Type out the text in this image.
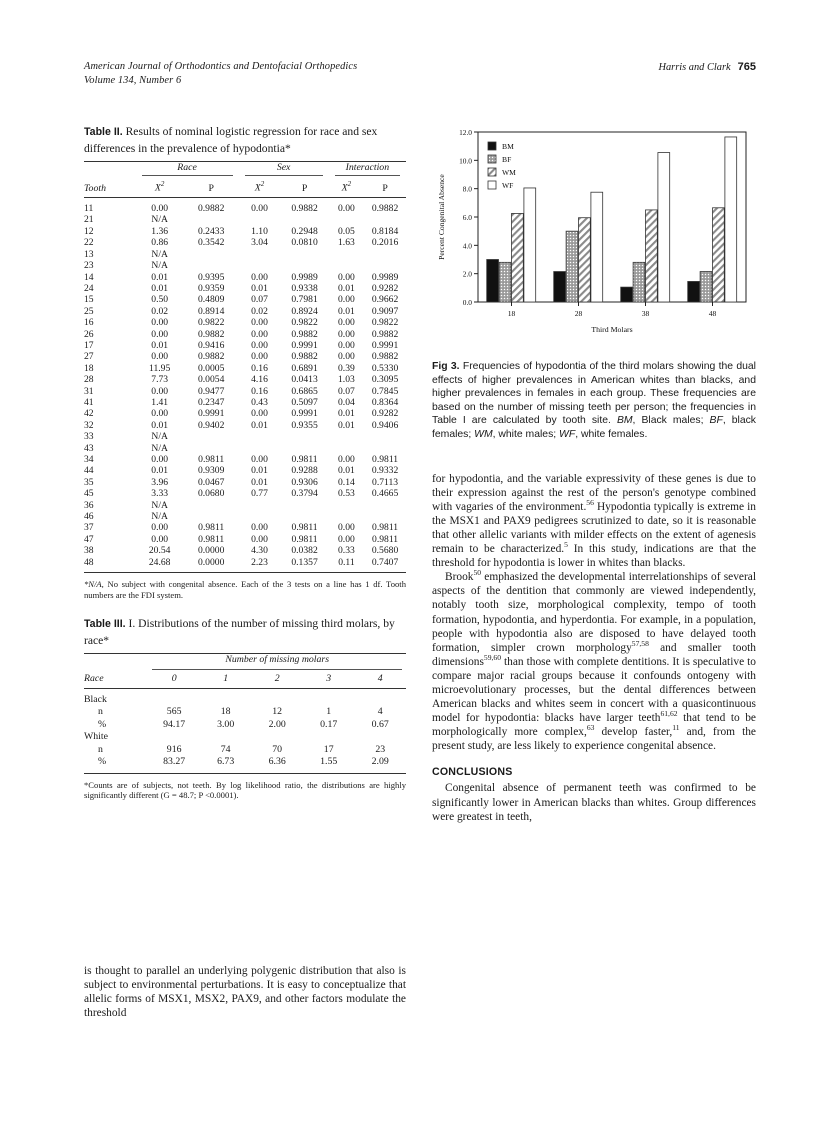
American Journal of Orthodontics and Dentofacial Orthopedics
Volume 134, Number 6
Harris and Clark 765
Table II. Results of nominal logistic regression for race and sex differences in the prevalence of hypodontia*
	Race		Sex		Interaction	

Tooth	$X^2$	P	$X^2$	P	$X^2$	P
11	0.00	0.9882	0.00	0.9882	0.00	0.9882
21	N/A					
12	1.36	0.2433	1.10	0.2948	0.05	0.8184
22	0.86	0.3542	3.04	0.0810	1.63	0.2016
13	N/A					
23	N/A					
14	0.01	0.9395	0.00	0.9989	0.00	0.9989
24	0.01	0.9359	0.01	0.9338	0.01	0.9282
15	0.50	0.4809	0.07	0.7981	0.00	0.9662
25	0.02	0.8914	0.02	0.8924	0.01	0.9097
16	0.00	0.9822	0.00	0.9822	0.00	0.9822
26	0.00	0.9882	0.00	0.9882	0.00	0.9882
17	0.01	0.9416	0.00	0.9991	0.00	0.9991
27	0.00	0.9882	0.00	0.9882	0.00	0.9882
18	11.95	0.0005	0.16	0.6891	0.39	0.5330
28	7.73	0.0054	4.16	0.0413	1.03	0.3095
31	0.00	0.9477	0.16	0.6865	0.07	0.7845
41	1.41	0.2347	0.43	0.5097	0.04	0.8364
42	0.00	0.9991	0.00	0.9991	0.01	0.9282
32	0.01	0.9402	0.01	0.9355	0.01	0.9406
33	N/A					
43	N/A					
34	0.00	0.9811	0.00	0.9811	0.00	0.9811
44	0.01	0.9309	0.01	0.9288	0.01	0.9332
35	3.96	0.0467	0.01	0.9306	0.14	0.7113
45	3.33	0.0680	0.77	0.3794	0.53	0.4665
36	N/A					
46	N/A					
37	0.00	0.9811	0.00	0.9811	0.00	0.9811
47	0.00	0.9811	0.00	0.9811	0.00	0.9811
38	20.54	0.0000	4.30	0.0382	0.33	0.5680
48	24.68	0.0000	2.23	0.1357	0.11	0.7407

*N/A, No subject with congenital absence. Each of the 3 tests on a line has 1 df. Tooth numbers are the FDI system.

Table III. I. Distributions of the number of missing third molars, by race*
	Number of missing molars				

Race	0	1	2	3	4
Black					
n	565	18	12	1	4
%	94.17	3.00	2.00	0.17	0.67
White					
n	916	74	70	17	23
%	83.27	6.73	6.36	1.55	2.09

*Counts are of subjects, not teeth. By log likelihood ratio, the distributions are highly significantly different (G = 48.7; P <0.0001).

0.0
2.0
4.0
6.0
8.0
10.0
12.0
Percent Congenital Absence
18	28	38	48
Third Molars
BM
BF
WM
WF

Fig 3. Frequencies of hypodontia of the third molars showing the dual effects of higher prevalences in American whites than blacks, and higher prevalences in females in each group. These frequencies are based on the number of missing teeth per person; the frequencies in Table I are calculated by tooth site. BM, Black males; BF, black females; WM, white males; WF, white females.

for hypodontia, and the variable expressivity of these genes is due to their expression against the rest of the person's genotype combined with vagaries of the environment.$^{56}$ Hypodontia typically is extreme in the MSX1 and PAX9 pedigrees scrutinized to date, so it is reasonable that other allelic variants with milder effects on the extent of agenesis remain to be characterized.$^5$ In this study, indications are that the threshold for hypodontia is lower in whites than blacks.

Brook$^{50}$ emphasized the developmental interrelationships of several aspects of the dentition that commonly are viewed independently, notably tooth size, morphological complexity, tempo of tooth formation, hypodontia, and hyperdontia. For example, in a population, people with hypodontia also are disposed to have delayed tooth formation, simpler crown morphology$^{57,58}$ and smaller tooth dimensions$^{59,60}$ than those with complete dentitions. It is speculative to compare major racial groups because it confounds ontogeny with microevolutionary processes, but the dental differences between American blacks and whites seem in concert with a quasicontinuous model for hypodontia: blacks have larger teeth$^{61,62}$ that tend to be morphologically more complex,$^{63}$ develop faster,$^{11}$ and, from the present study, are less likely to experience congenital absence.

CONCLUSIONS

Congenital absence of permanent teeth was confirmed to be significantly lower in American blacks than whites. Group differences were greatest in teeth,

is thought to parallel an underlying polygenic distribution that also is subject to environmental perturbations. It is easy to conceptualize that allelic forms of MSX1, MSX2, PAX9, and other factors modulate the threshold
